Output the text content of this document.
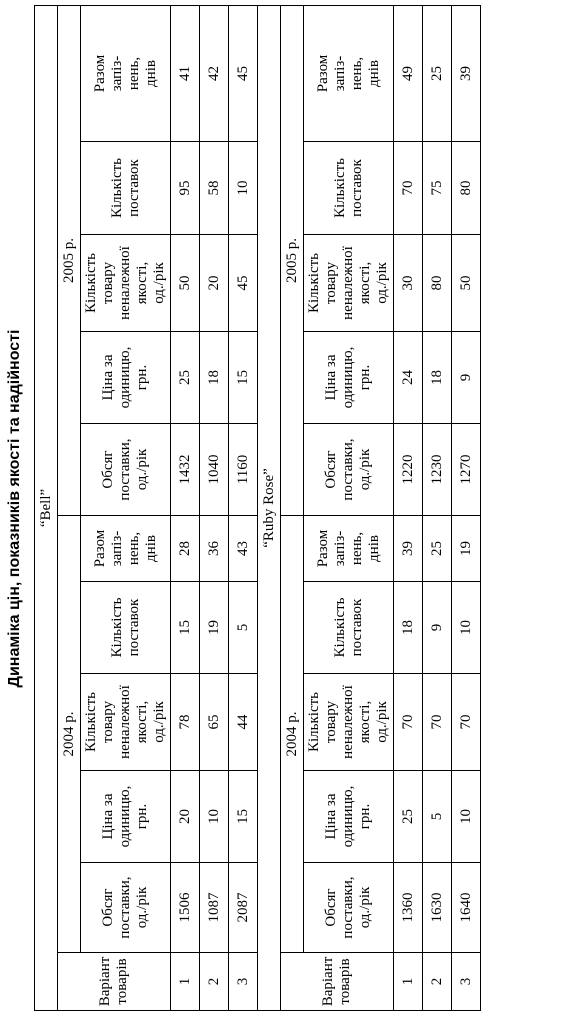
Динаміка цін, показників якості та надійності “Bell”										

Варіант товарів	2004 р.					2005 р.				

	Обсяг поставки, од./рік	Ціна за одиницю, грн.	Кількість товару неналежної якості, од./рік	Кількість поставок	Разом запіз- нень, днів	Обсяг поставки, од./рік	Ціна за одиницю, грн.	Кількість товару неналежної якості, од./рік	Кількість поставок	Разом запіз- нень, днів

1	1506	20	78	15	28	1432	25	50	95	41
2	1087	10	65	19	36	1040	18	20	58	42
3	2087	15	44	5	43	1160	15	45	10	45
“Ruby Rose”										

Варіант товарів	2004 р.					2005 р.				

	Обсяг поставки, од./рік	Ціна за одиницю, грн.	Кількість товару неналежної якості, од./рік	Кількість поставок	Разом запіз- нень, днів	Обсяг поставки, од./рік	Ціна за одиницю, грн.	Кількість товару неналежної якості, од./рік	Кількість поставок	Разом запіз- нень, днів

1	1360	25	70	18	39	1220	24	30	70	49
2	1630	5	70	9	25	1230	18	80	75	25
3	1640	10	70	10	19	1270	9	50	80	39
